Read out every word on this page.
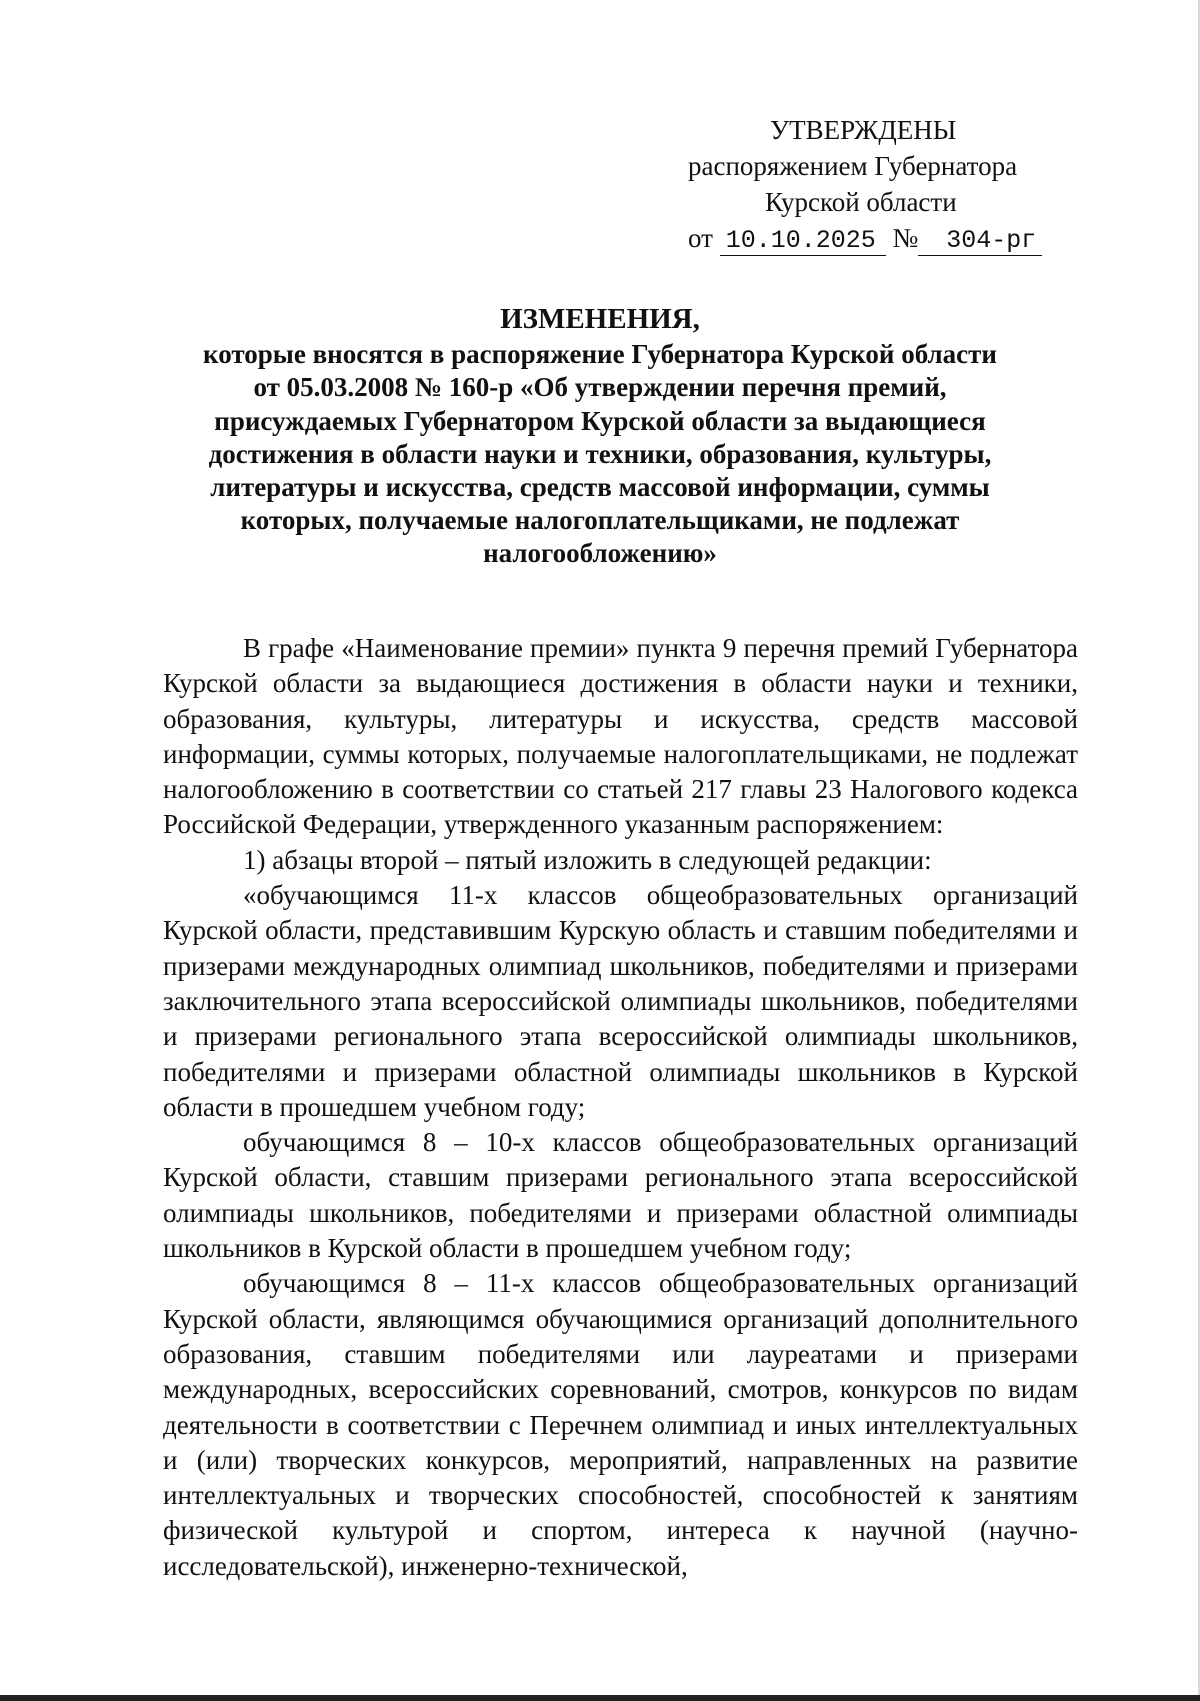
УТВЕРЖДЕНЫ
распоряжением Губернатора
Курской области
от 10.10.2025 № 304-рг
ИЗМЕНЕНИЯ,
которые вносятся в распоряжение Губернатора Курской области
от 05.03.2008 № 160-р «Об утверждении перечня премий,
присуждаемых Губернатором Курской области за выдающиеся
достижения в области науки и техники, образования, культуры,
литературы и искусства, средств массовой информации, суммы
которых, получаемые налогоплательщиками, не подлежат
налогообложению»

В графе «Наименование премии» пункта 9 перечня премий Губернатора Курской области за выдающиеся достижения в области науки и техники, образования, культуры, литературы и искусства, средств массовой информации, суммы которых, получаемые налогоплательщиками, не подлежат налогообложению в соответствии со статьей 217 главы 23 Налогового кодекса Российской Федерации, утвержденного указанным распоряжением:

1) абзацы второй – пятый изложить в следующей редакции:

«обучающимся 11-х классов общеобразовательных организаций Курской области, представившим Курскую область и ставшим победителями и призерами международных олимпиад школьников, победителями и призерами заключительного этапа всероссийской олимпиады школьников, победителями и призерами регионального этапа всероссийской олимпиады школьников, победителями и призерами областной олимпиады школьников в Курской области в прошедшем учебном году;

обучающимся 8 – 10-х классов общеобразовательных организаций Курской области, ставшим призерами регионального этапа всероссийской олимпиады школьников, победителями и призерами областной олимпиады школьников в Курской области в прошедшем учебном году;

обучающимся 8 – 11-х классов общеобразовательных организаций Курской области, являющимся обучающимися организаций дополнительного образования, ставшим победителями или лауреатами и призерами международных, всероссийских соревнований, смотров, конкурсов по видам деятельности в соответствии с Перечнем олимпиад и иных интеллектуальных и (или) творческих конкурсов, мероприятий, направленных на развитие интеллектуальных и творческих способностей, способностей к занятиям физической культурой и спортом, интереса к научной (научно-исследовательской), инженерно-технической,
